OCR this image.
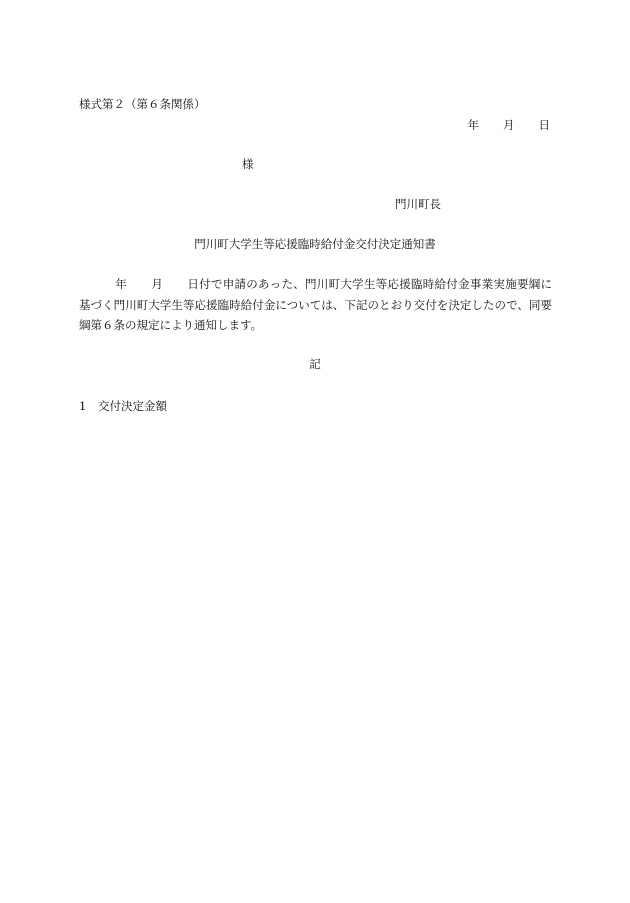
様式第２（第６条関係）
年 月 日
様
門川町長
門川町大学生等応援臨時給付金交付決定通知書
年 月 日付で申請のあった、門川町大学生等応援臨時給付金事業実施要綱に基づく門川町大学生等応援臨時給付金については、下記のとおり交付を決定したので、同要綱第６条の規定により通知します。
記
1 交付決定金額
